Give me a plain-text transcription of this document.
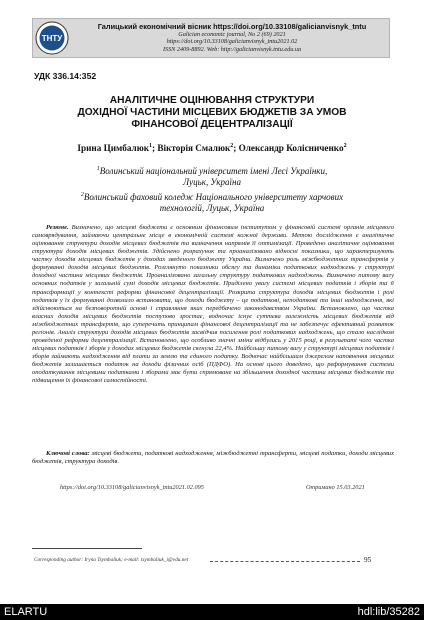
ТНТУ
Галицький економічний вісник https://doi.org/10.33108/galicianvisnyk_tntu
Galician economic journal, No 2 (69) 2021
https://doi.org/10.33108/galicianvisnyk_tntu2021.02
ISSN 2409-8892. Web: http://galicianvisnyk.tntu.edu.ua
УДК 336.14:352
АНАЛІТИЧНЕ ОЦІНЮВАННЯ СТРУКТУРИ
ДОХІДНОЇ ЧАСТИНИ МІСЦЕВИХ БЮДЖЕТІВ ЗА УМОВ
ФІНАНСОВОЇ ДЕЦЕНТРАЛІЗАЦІЇ
Ірина Цимбалюк$^1$; Вікторія Смалюк$^2$; Олександр Колісниченко$^2$
$^1$Волинський національний університет імені Лесі Українки,
Луцьк, Україна
$^2$Волинський фаховий коледж Національного університету харчових
технологій, Луцьк, Україна
Резюме. Визначено, що місцеві бюджети є основним фінансовим інститутом у фінансовій системі органів місцевого самоврядування, займаючи центральне місце в економічній системі кожної держави. Метою дослідження є аналітичне оцінювання структури доходів місцевих бюджетів та визначення напрямів її оптимізації. Проведено аналітичне оцінювання структури доходів місцевих бюджетів. Здійснено розрахунок та проаналізовано відносні показники, що характеризують частку доходів місцевих бюджетів у доходах зведеного бюджету України. Визначено роль міжбюджетних трансфертів у формуванні доходів місцевих бюджетів. Розглянуто показники обсягу та динаміки податкових надходжень у структурі доходної частини місцевих бюджетів. Проаналізовано загальну структуру податкових надходжень. Визначено питому вагу основних податків у загальній сумі доходів місцевих бюджетів. Приділено увагу системі місцевих податків і зборів та її трансформації у контексті реформи фінансової децентралізації. Розкрита структура доходів місцевих бюджетів і ролі податків у їх формуванні дозволило встановити, що доходи бюджету – це податкові, неподаткові та інші надходження, які здійснюються на безповоротній основі і справляння яких передбачено законодавством України. Встановлено, що частка власних доходів місцевих бюджетів поступово зростає, водночас існує суттєва залежність місцевих бюджетів від міжбюджетних трансфертів, що суперечить принципам фінансової децентралізації та не забезпечує ефективний розвиток регіонів. Аналіз структури доходів місцевих бюджетів засвідчив посилення ролі податкових надходжень, що стало наслідком проведеної реформи децентралізації. Встановлено, що особливо значні зміни відбулись у 2015 році, в результаті чого частка місцевих податків і зборів у доходах місцевих бюджетів сягнула 22,4%. Найбільшу питому вагу у структурі місцевих податків і зборів займають надходження від плати за землю та єдиного податку. Водночас найбільшим джерелом наповнення місцевих бюджетів залишається податок на доходи фізичних осіб (ПДФО). На основі цього доведено, що реформування системи оподаткування місцевими податками і зборами має бути спрямоване на збільшення доходної частини місцевих бюджетів та підвищення їх фінансової самостійності.
Ключові слова: місцеві бюджети, податкові надходження, міжбюджетні трансферти, місцеві податки, доходи місцевих бюджетів, структура доходів.
https://doi.org/10.33108/galicianvisnyk_tntu2021.02.095	Отримано 15.03.2021
Corresponding author: Iryna Tsymbaliuk; e-mail: tsymbaliuk_i@vdu.net	95
ELARTU	hdl:lib/35282
